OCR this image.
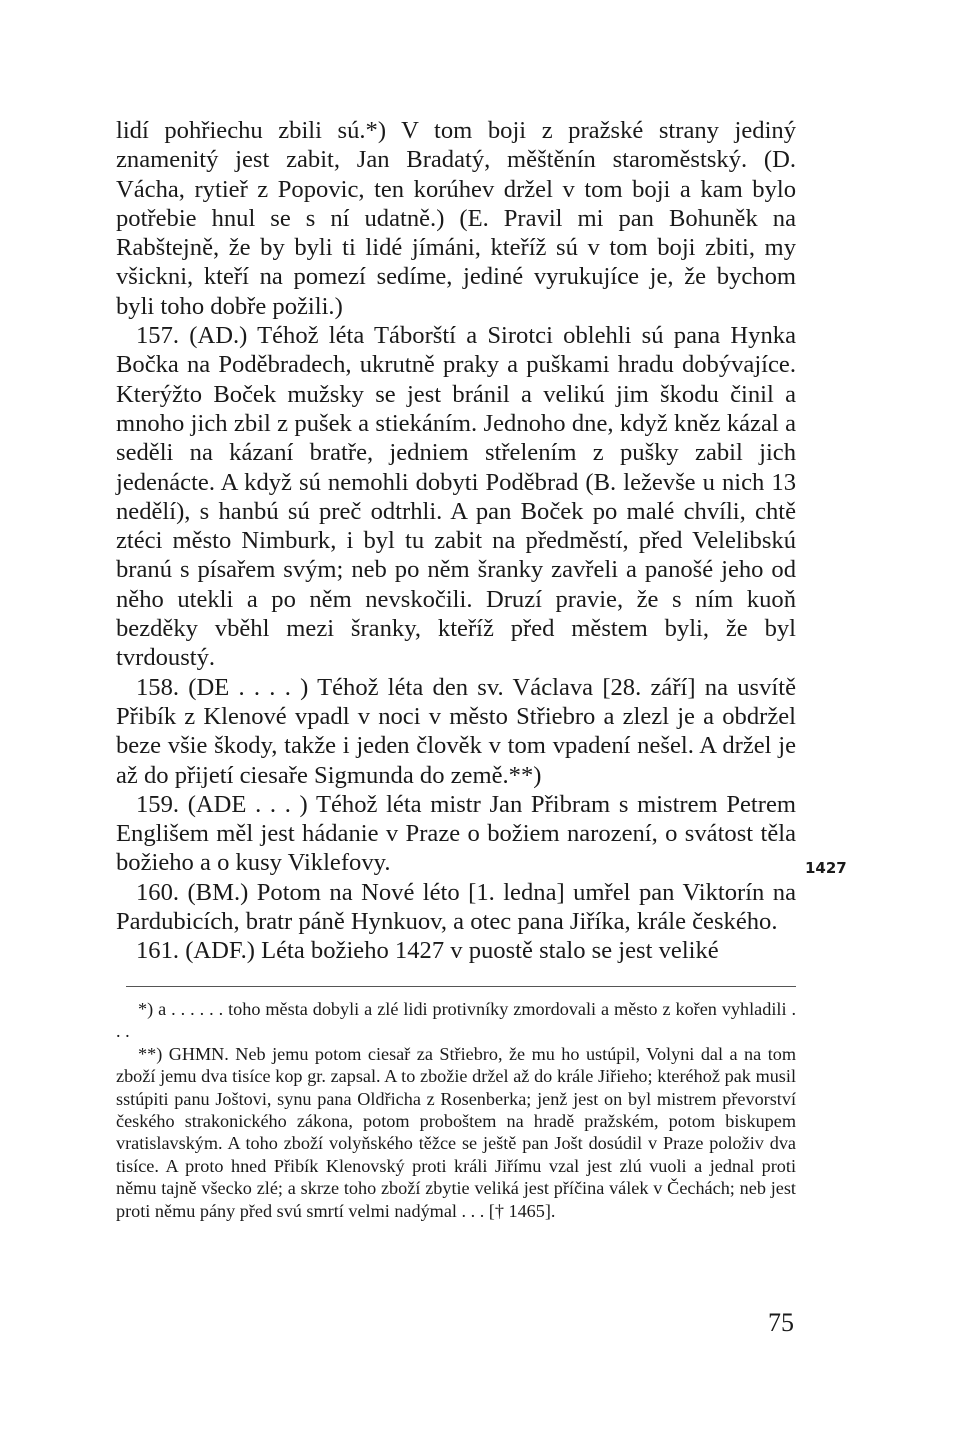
lidí pohřiechu zbili sú.*) V tom boji z pražské strany jediný znamenitý jest zabit, Jan Bradatý, měštěnín staroměstský. (D. Vácha, rytieř z Popovic, ten korúhev držel v tom boji a kam bylo potřebie hnul se s ní udatně.) (E. Pravil mi pan Bohuněk na Rabštejně, že by byli ti lidé jímáni, kteříž sú v tom boji zbiti, my všickni, kteří na pomezí sedíme, jediné vyrukujíce je, že bychom byli toho dobře požili.)

157. (AD.) Téhož léta Táborští a Sirotci oblehli sú pana Hynka Bočka na Poděbradech, ukrutně praky a puškami hradu dobývajíce. Kterýžto Boček mužsky se jest bránil a velikú jim škodu činil a mnoho jich zbil z pušek a stiekáním. Jednoho dne, když kněz kázal a seděli na kázaní bratře, jedniem střelením z pušky zabil jich jedenácte. A když sú nemohli dobyti Poděbrad (B. leževše u nich 13 nedělí), s hanbú sú preč odtrhli. A pan Boček po malé chvíli, chtě ztéci město Nimburk, i byl tu zabit na předměstí, před Velelibskú branú s písařem svým; neb po něm šranky zavřeli a panošé jeho od něho utekli a po něm nevskočili. Druzí pravie, že s ním kuoň bezděky vběhl mezi šranky, kteříž před městem byli, že byl tvrdoustý.

158. (DE . . . . ) Téhož léta den sv. Václava [28. září] na usvítě Přibík z Klenové vpadl v noci v město Střiebro a zlezl je a obdržel beze všie škody, takže i jeden člověk v tom vpadení nešel. A držel je až do přijetí ciesaře Sigmunda do země.**)

159. (ADE . . . ) Téhož léta mistr Jan Přibram s mistrem Petrem Englišem měl jest hádanie v Praze o božiem narození, o svátost těla božieho a o kusy Viklefovy.

160. (BM.) Potom na Nové léto [1. ledna] umřel pan Viktorín na Pardubicích, bratr páně Hynkuov, a otec pana Jiříka, krále českého.

161. (ADF.) Léta božieho 1427 v puostě stalo se jest veliké

1427

*) a . . . . . . toho města dobyli a zlé lidi protivníky zmordovali a město z kořen vyhladili . . .

**) GHMN. Neb jemu potom ciesař za Střiebro, že mu ho ustúpil, Volyni dal a na tom zboží jemu dva tisíce kop gr. zapsal. A to zbožie držel až do krále Jiřieho; kteréhož pak musil sstúpiti panu Joštovi, synu pana Oldřicha z Rosenberka; jenž jest on byl mistrem převorství českého strakonického zákona, potom proboštem na hradě pražském, potom biskupem vratislavským. A toho zboží volyňského těžce se ještě pan Jošt dosúdil v Praze položiv dva tisíce. A proto hned Přibík Klenovský proti králi Jiřímu vzal jest zlú vuoli a jednal proti němu tajně všecko zlé; a skrze toho zboží zbytie veliká jest příčina válek v Čechách; neb jest proti němu pány před svú smrtí velmi nadýmal . . . [† 1465].

75
